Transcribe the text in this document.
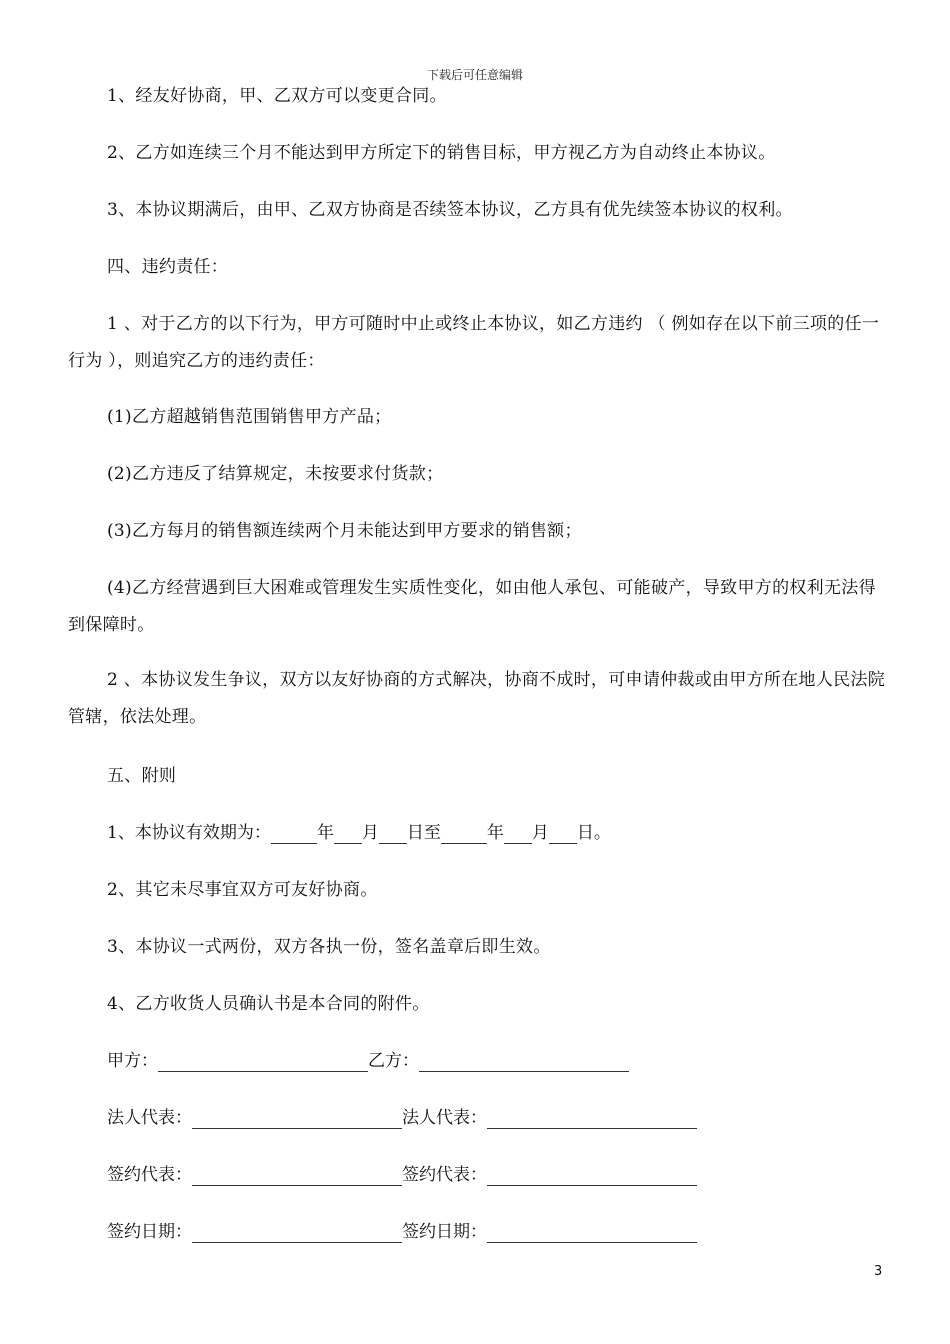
下载后可任意编辑
1、经友好协商，甲、乙双方可以变更合同。
2、乙方如连续三个月不能达到甲方所定下的销售目标，甲方视乙方为自动终止本协议。
3、本协议期满后，由甲、乙双方协商是否续签本协议，乙方具有优先续签本协议的权利。
四、违约责任：
1 、对于乙方的以下行为，甲方可随时中止或终止本协议，如乙方违约 （ 例如存在以下前三项的任一行为 ），则追究乙方的违约责任：
(1)乙方超越销售范围销售甲方产品；
(2)乙方违反了结算规定，未按要求付货款；
(3)乙方每月的销售额连续两个月未能达到甲方要求的销售额；
(4)乙方经营遇到巨大困难或管理发生实质性变化，如由他人承包、可能破产，导致甲方的权利无法得到保障时。
2 、本协议发生争议，双方以友好协商的方式解决，协商不成时，可申请仲裁或由甲方所在地人民法院管辖，依法处理。
五、附则
1、本协议有效期为：	年 月 日至	年 月 日。
2、其它未尽事宜双方可友好协商。
3、本协议一式两份，双方各执一份，签名盖章后即生效。
4、乙方收货人员确认书是本合同的附件。
甲方：	乙方：
法人代表：	法人代表：
签约代表：	签约代表：
签约日期：	签约日期：
3
